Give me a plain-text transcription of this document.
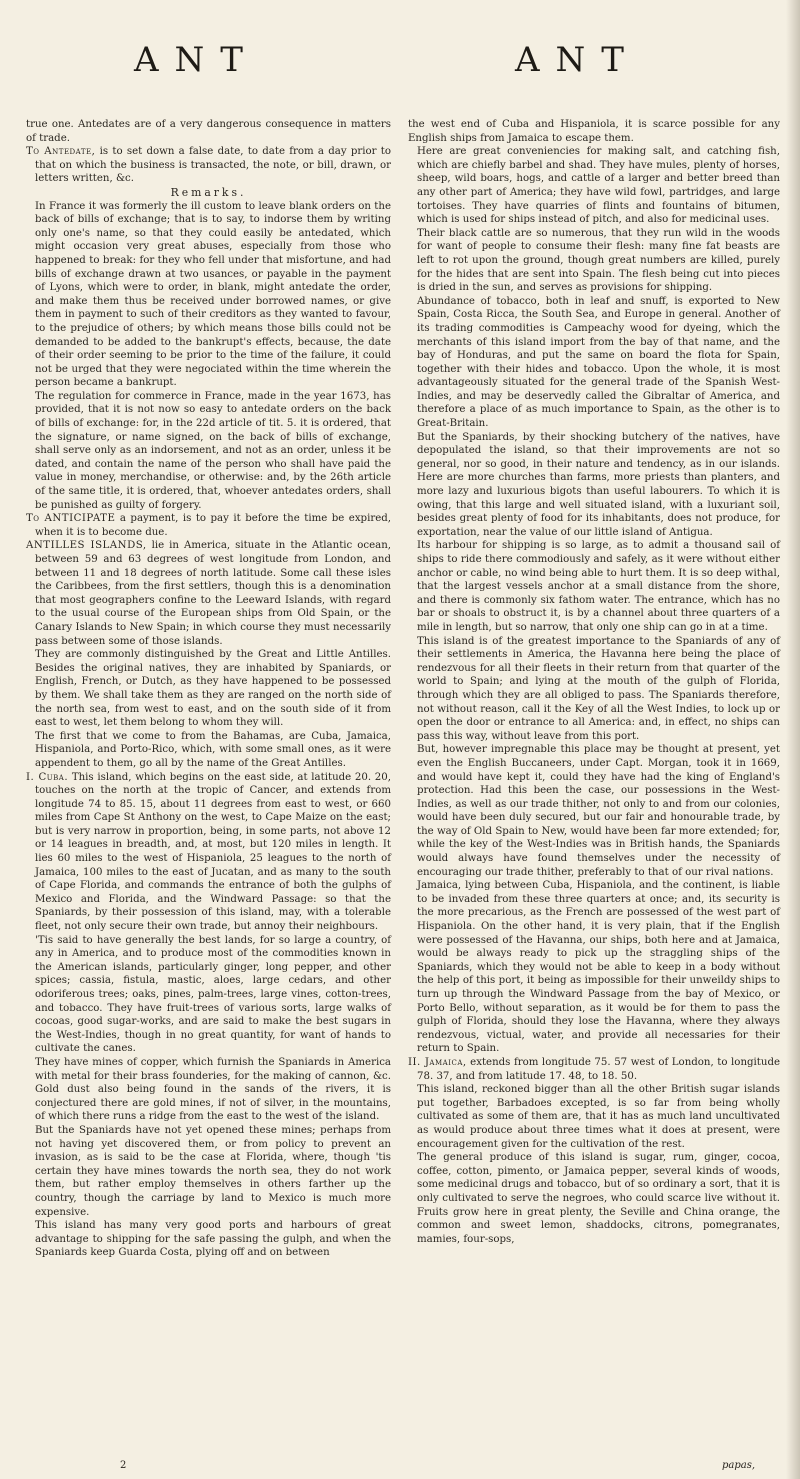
ANT	ANT

true one. Antedates are of a very dangerous consequence in matters of trade.

To Antedate, is to set down a false date, to date from a day prior to that on which the business is transacted, the note, or bill, drawn, or letters written, &c.

Remarks.

In France it was formerly the ill custom to leave blank orders on the back of bills of exchange; that is to say, to indorse them by writing only one's name, so that they could easily be antedated, which might occasion very great abuses, especially from those who happened to break: for they who fell under that misfortune, and had bills of exchange drawn at two usances, or payable in the payment of Lyons, which were to order, in blank, might antedate the order, and make them thus be received under borrowed names, or give them in payment to such of their creditors as they wanted to favour, to the prejudice of others; by which means those bills could not be demanded to be added to the bankrupt's effects, because, the date of their order seeming to be prior to the time of the failure, it could not be urged that they were negociated within the time wherein the person became a bankrupt.

The regulation for commerce in France, made in the year 1673, has provided, that it is not now so easy to antedate orders on the back of bills of exchange: for, in the 22d article of tit. 5. it is ordered, that the signature, or name signed, on the back of bills of exchange, shall serve only as an indorsement, and not as an order, unless it be dated, and contain the name of the person who shall have paid the value in money, merchandise, or otherwise: and, by the 26th article of the same title, it is ordered, that, whoever antedates orders, shall be punished as guilty of forgery.

To ANTICIPATE a payment, is to pay it before the time be expired, when it is to become due.

ANTILLES ISLANDS, lie in America, situate in the Atlantic ocean, between 59 and 63 degrees of west longitude from London, and between 11 and 18 degrees of north latitude. Some call these isles the Caribbees, from the first settlers, though this is a denomination that most geographers confine to the Leeward Islands, with regard to the usual course of the European ships from Old Spain, or the Canary Islands to New Spain; in which course they must necessarily pass between some of those islands.

They are commonly distinguished by the Great and Little Antilles. Besides the original natives, they are inhabited by Spaniards, or English, French, or Dutch, as they have happened to be possessed by them. We shall take them as they are ranged on the north side of the north sea, from west to east, and on the south side of it from east to west, let them belong to whom they will.

The first that we come to from the Bahamas, are Cuba, Jamaica, Hispaniola, and Porto-Rico, which, with some small ones, as it were appendent to them, go all by the name of the Great Antilles.

I. Cuba. This island, which begins on the east side, at latitude 20. 20, touches on the north at the tropic of Cancer, and extends from longitude 74 to 85. 15, about 11 degrees from east to west, or 660 miles from Cape St Anthony on the west, to Cape Maize on the east; but is very narrow in proportion, being, in some parts, not above 12 or 14 leagues in breadth, and, at most, but 120 miles in length. It lies 60 miles to the west of Hispaniola, 25 leagues to the north of Jamaica, 100 miles to the east of Jucatan, and as many to the south of Cape Florida, and commands the entrance of both the gulphs of Mexico and Florida, and the Windward Passage: so that the Spaniards, by their possession of this island, may, with a tolerable fleet, not only secure their own trade, but annoy their neighbours.

'Tis said to have generally the best lands, for so large a country, of any in America, and to produce most of the commodities known in the American islands, particularly ginger, long pepper, and other spices; cassia, fistula, mastic, aloes, large cedars, and other odoriferous trees; oaks, pines, palm-trees, large vines, cotton-trees, and tobacco. They have fruit-trees of various sorts, large walks of cocoas, good sugar-works, and are said to make the best sugars in the West-Indies, though in no great quantity, for want of hands to cultivate the canes.

They have mines of copper, which furnish the Spaniards in America with metal for their brass founderies, for the making of cannon, &c. Gold dust also being found in the sands of the rivers, it is conjectured there are gold mines, if not of silver, in the mountains, of which there runs a ridge from the east to the west of the island.

But the Spaniards have not yet opened these mines; perhaps from not having yet discovered them, or from policy to prevent an invasion, as is said to be the case at Florida, where, though 'tis certain they have mines towards the north sea, they do not work them, but rather employ themselves in others farther up the country, though the carriage by land to Mexico is much more expensive.

This island has many very good ports and harbours of great advantage to shipping for the safe passing the gulph, and when the Spaniards keep Guarda Costa, plying off and on between

the west end of Cuba and Hispaniola, it is scarce possible for any English ships from Jamaica to escape them.

Here are great conveniencies for making salt, and catching fish, which are chiefly barbel and shad. They have mules, plenty of horses, sheep, wild boars, hogs, and cattle of a larger and better breed than any other part of America; they have wild fowl, partridges, and large tortoises. They have quarries of flints and fountains of bitumen, which is used for ships instead of pitch, and also for medicinal uses.

Their black cattle are so numerous, that they run wild in the woods for want of people to consume their flesh: many fine fat beasts are left to rot upon the ground, though great numbers are killed, purely for the hides that are sent into Spain. The flesh being cut into pieces is dried in the sun, and serves as provisions for shipping.

Abundance of tobacco, both in leaf and snuff, is exported to New Spain, Costa Ricca, the South Sea, and Europe in general. Another of its trading commodities is Campeachy wood for dyeing, which the merchants of this island import from the bay of that name, and the bay of Honduras, and put the same on board the flota for Spain, together with their hides and tobacco. Upon the whole, it is most advantageously situated for the general trade of the Spanish West-Indies, and may be deservedly called the Gibraltar of America, and therefore a place of as much importance to Spain, as the other is to Great-Britain.

But the Spaniards, by their shocking butchery of the natives, have depopulated the island, so that their improvements are not so general, nor so good, in their nature and tendency, as in our islands. Here are more churches than farms, more priests than planters, and more lazy and luxurious bigots than useful labourers. To which it is owing, that this large and well situated island, with a luxuriant soil, besides great plenty of food for its inhabitants, does not produce, for exportation, near the value of our little island of Antigua.

Its harbour for shipping is so large, as to admit a thousand sail of ships to ride there commodiously and safely, as it were without either anchor or cable, no wind being able to hurt them. It is so deep withal, that the largest vessels anchor at a small distance from the shore, and there is commonly six fathom water. The entrance, which has no bar or shoals to obstruct it, is by a channel about three quarters of a mile in length, but so narrow, that only one ship can go in at a time.

This island is of the greatest importance to the Spaniards of any of their settlements in America, the Havanna here being the place of rendezvous for all their fleets in their return from that quarter of the world to Spain; and lying at the mouth of the gulph of Florida, through which they are all obliged to pass. The Spaniards therefore, not without reason, call it the Key of all the West Indies, to lock up or open the door or entrance to all America: and, in effect, no ships can pass this way, without leave from this port.

But, however impregnable this place may be thought at present, yet even the English Buccaneers, under Capt. Morgan, took it in 1669, and would have kept it, could they have had the king of England's protection. Had this been the case, our possessions in the West-Indies, as well as our trade thither, not only to and from our colonies, would have been duly secured, but our fair and honourable trade, by the way of Old Spain to New, would have been far more extended; for, while the key of the West-Indies was in British hands, the Spaniards would always have found themselves under the necessity of encouraging our trade thither, preferably to that of our rival nations.

Jamaica, lying between Cuba, Hispaniola, and the continent, is liable to be invaded from these three quarters at once; and, its security is the more precarious, as the French are possessed of the west part of Hispaniola. On the other hand, it is very plain, that if the English were possessed of the Havanna, our ships, both here and at Jamaica, would be always ready to pick up the straggling ships of the Spaniards, which they would not be able to keep in a body without the help of this port, it being as impossible for their unweildy ships to turn up through the Windward Passage from the bay of Mexico, or Porto Bello, without separation, as it would be for them to pass the gulph of Florida, should they lose the Havanna, where they always rendezvous, victual, water, and provide all necessaries for their return to Spain.

II. Jamaica, extends from longitude 75. 57 west of London, to longitude 78. 37, and from latitude 17. 48, to 18. 50.

This island, reckoned bigger than all the other British sugar islands put together, Barbadoes excepted, is so far from being wholly cultivated as some of them are, that it has as much land uncultivated as would produce about three times what it does at present, were encouragement given for the cultivation of the rest.

The general produce of this island is sugar, rum, ginger, cocoa, coffee, cotton, pimento, or Jamaica pepper, several kinds of woods, some medicinal drugs and tobacco, but of so ordinary a sort, that it is only cultivated to serve the negroes, who could scarce live without it. Fruits grow here in great plenty, the Seville and China orange, the common and sweet lemon, shaddocks, citrons, pomegranates, mamies, four-sops,

2	papas,
